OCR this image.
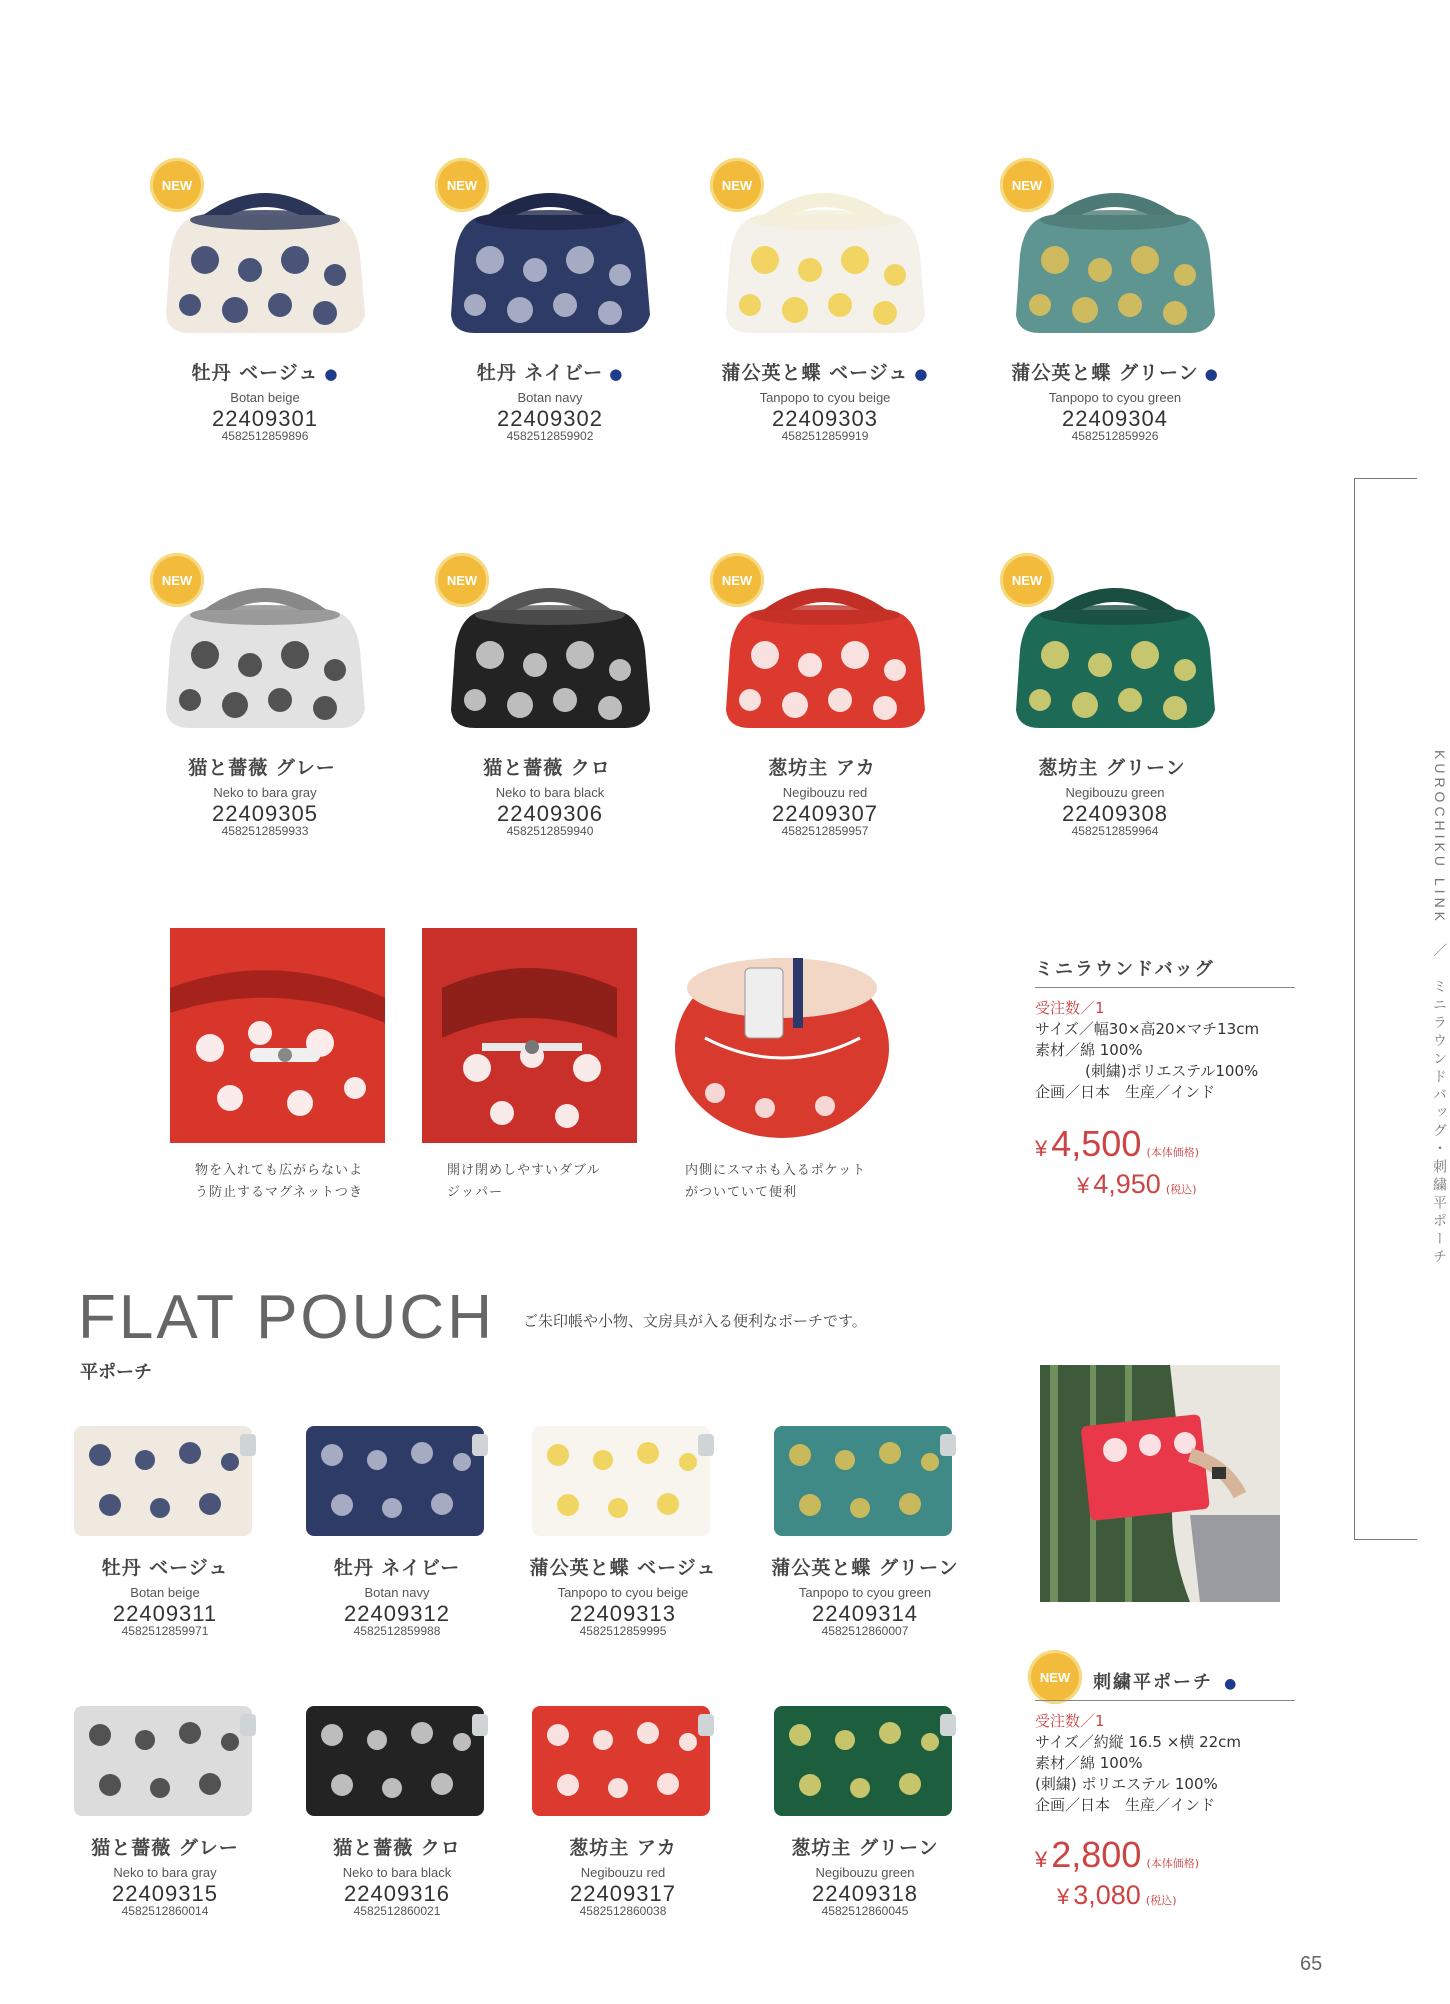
NEW
牡丹 ベージュ ●
Botan beige
22409301
4582512859896
NEW
牡丹 ネイビー ●
Botan navy
22409302
4582512859902
NEW
蒲公英と蝶 ベージュ ●
Tanpopo to cyou beige
22409303
4582512859919
NEW
蒲公英と蝶 グリーン ●
Tanpopo to cyou green
22409304
4582512859926
NEW
猫と薔薇 グレー
Neko to bara gray
22409305
4582512859933
NEW
猫と薔薇 クロ
Neko to bara black
22409306
4582512859940
NEW
葱坊主 アカ
Negibouzu red
22409307
4582512859957
NEW
葱坊主 グリーン
Negibouzu green
22409308
4582512859964
物を入れても広がらないよ
う防止するマグネットつき
開け閉めしやすいダブル
ジッパー
内側にスマホも入るポケット
がついていて便利
ミニラウンドバッグ
受注数／1
サイズ／幅30×高20×マチ13cm
素材／綿 100%
(刺繍)ポリエステル100%
企画／日本　生産／インド
¥ 4,500 (本体価格)
¥ 4,950 (税込)	KUROCHIKU LINK　／　ミニラウンドバッグ・刺繍平ポーチ
FLAT POUCH
平ポーチ
ご朱印帳や小物、文房具が入る便利なポーチです。
牡丹 ベージュ
Botan beige
22409311
4582512859971
牡丹 ネイビー
Botan navy
22409312
4582512859988
蒲公英と蝶 ベージュ
Tanpopo to cyou beige
22409313
4582512859995
蒲公英と蝶 グリーン
Tanpopo to cyou green
22409314
4582512860007
猫と薔薇 グレー
Neko to bara gray
22409315
4582512860014
猫と薔薇 クロ
Neko to bara black
22409316
4582512860021
葱坊主 アカ
Negibouzu red
22409317
4582512860038
葱坊主 グリーン
Negibouzu green
22409318
4582512860045
NEW	刺繍平ポーチ ●
受注数／1
サイズ／約縦 16.5 ×横 22cm
素材／綿 100%
(刺繍) ポリエステル 100%
企画／日本　生産／インド
¥ 2,800 (本体価格)
¥ 3,080 (税込)
65
